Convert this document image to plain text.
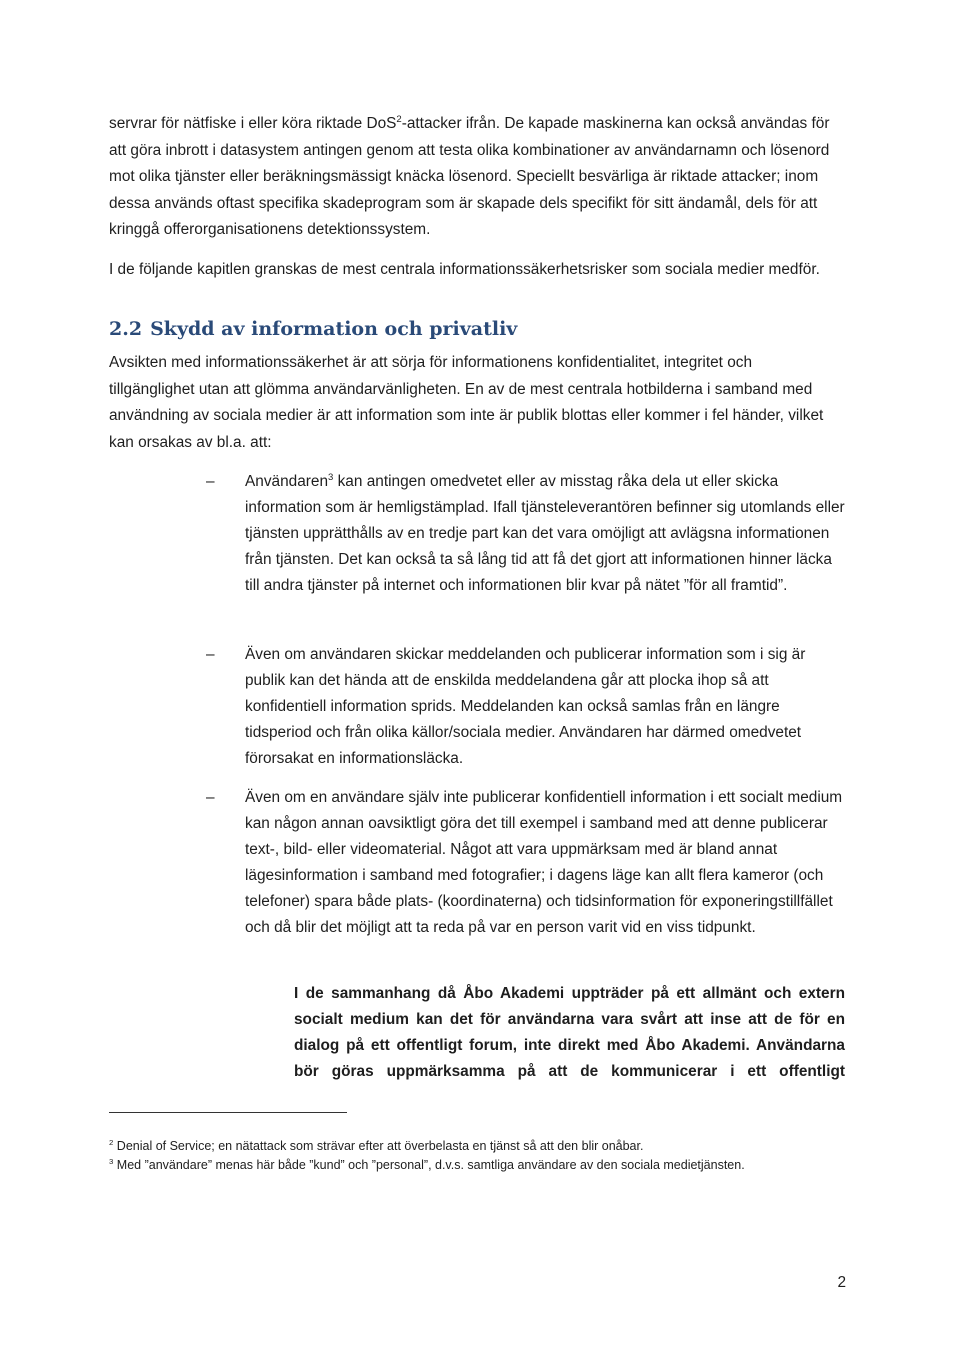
servrar för nätfiske i eller köra riktade DoS$^2$-attacker ifrån. De kapade maskinerna kan också användas för att göra inbrott i datasystem antingen genom att testa olika kombinationer av användarnamn och lösenord mot olika tjänster eller beräkningsmässigt knäcka lösenord. Speciellt besvärliga är riktade attacker; inom dessa används oftast specifika skadeprogram som är skapade dels specifikt för sitt ändamål, dels för att kringgå offerorganisationens detektionssystem.

I de följande kapitlen granskas de mest centrala informationssäkerhetsrisker som sociala medier medför.

2.2 Skydd av information och privatliv

Avsikten med informationssäkerhet är att sörja för informationens konfidentialitet, integritet och tillgänglighet utan att glömma användarvänligheten. En av de mest centrala hotbilderna i samband med användning av sociala medier är att information som inte är publik blottas eller kommer i fel händer, vilket kan orsakas av bl.a. att:

–	Användaren$^3$ kan antingen omedvetet eller av misstag råka dela ut eller skicka information som är hemligstämplad. Ifall tjänsteleverantören befinner sig utomlands eller tjänsten upprätthålls av en tredje part kan det vara omöjligt att avlägsna informationen från tjänsten. Det kan också ta så lång tid att få det gjort att informationen hinner läcka till andra tjänster på internet och informationen blir kvar på nätet ”för all framtid”.

–	Även om användaren skickar meddelanden och publicerar information som i sig är publik kan det hända att de enskilda meddelandena går att plocka ihop så att konfidentiell information sprids. Meddelanden kan också samlas från en längre tidsperiod och från olika källor/sociala medier. Användaren har därmed omedvetet förorsakat en informationsläcka.

–	Även om en användare själv inte publicerar konfidentiell information i ett socialt medium kan någon annan oavsiktligt göra det till exempel i samband med att denne publicerar text-, bild- eller videomaterial. Något att vara uppmärksam med är bland annat lägesinformation i samband med fotografier; i dagens läge kan allt flera kameror (och telefoner) spara både plats- (koordinaterna) och tidsinformation för exponeringstillfället och då blir det möjligt att ta reda på var en person varit vid en viss tidpunkt.

I de sammanhang då Åbo Akademi uppträder på ett allmänt och extern socialt medium kan det för användarna vara svårt att inse att de för en dialog på ett offentligt forum, inte direkt med Åbo Akademi. Användarna bör göras uppmärksamma på att de kommunicerar i ett offentligt

$^2$ Denial of Service; en nätattack som strävar efter att överbelasta en tjänst så att den blir onåbar.

$^3$ Med ”användare” menas här både ”kund” och ”personal”, d.v.s. samtliga användare av den sociala medietjänsten.

2
